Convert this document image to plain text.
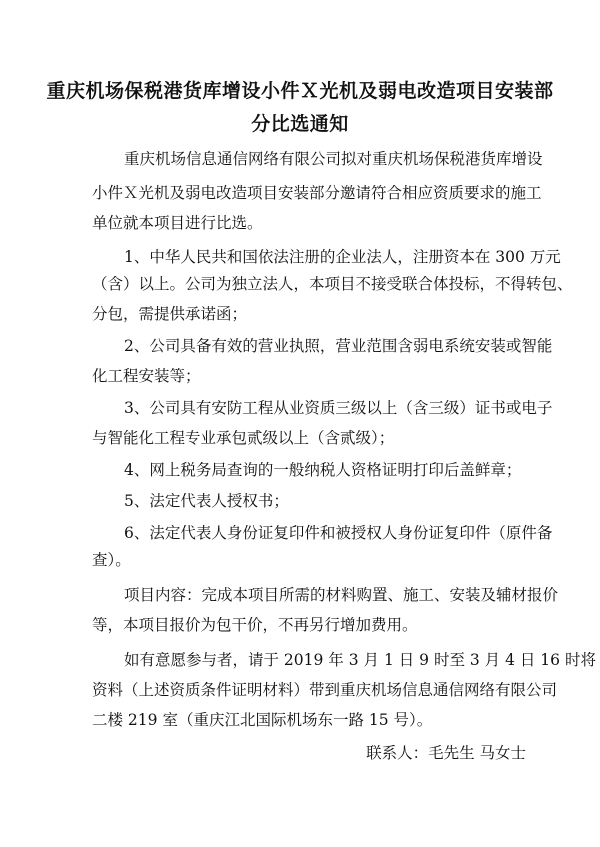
重庆机场保税港货库增设小件Ｘ光机及弱电改造项目安装部
分比选通知

重庆机场信息通信网络有限公司拟对重庆机场保税港货库增设

小件Ｘ光机及弱电改造项目安装部分邀请符合相应资质要求的施工

单位就本项目进行比选。

1、中华人民共和国依法注册的企业法人，注册资本在 300 万元

（含）以上。公司为独立法人，本项目不接受联合体投标，不得转包、

分包，需提供承诺函；

2、公司具备有效的营业执照，营业范围含弱电系统安装或智能

化工程安装等；

3、公司具有安防工程从业资质三级以上（含三级）证书或电子

与智能化工程专业承包贰级以上（含贰级）；

4、网上税务局查询的一般纳税人资格证明打印后盖鲜章；

5、法定代表人授权书；

6、法定代表人身份证复印件和被授权人身份证复印件（原件备

查）。

项目内容：完成本项目所需的材料购置、施工、安装及辅材报价

等，本项目报价为包干价，不再另行增加费用。

如有意愿参与者，请于 2019 年 3 月 1 日 9 时至 3 月 4 日 16 时将

资料（上述资质条件证明材料）带到重庆机场信息通信网络有限公司

二楼 219 室（重庆江北国际机场东一路 15 号）。

联系人：毛先生 马女士
